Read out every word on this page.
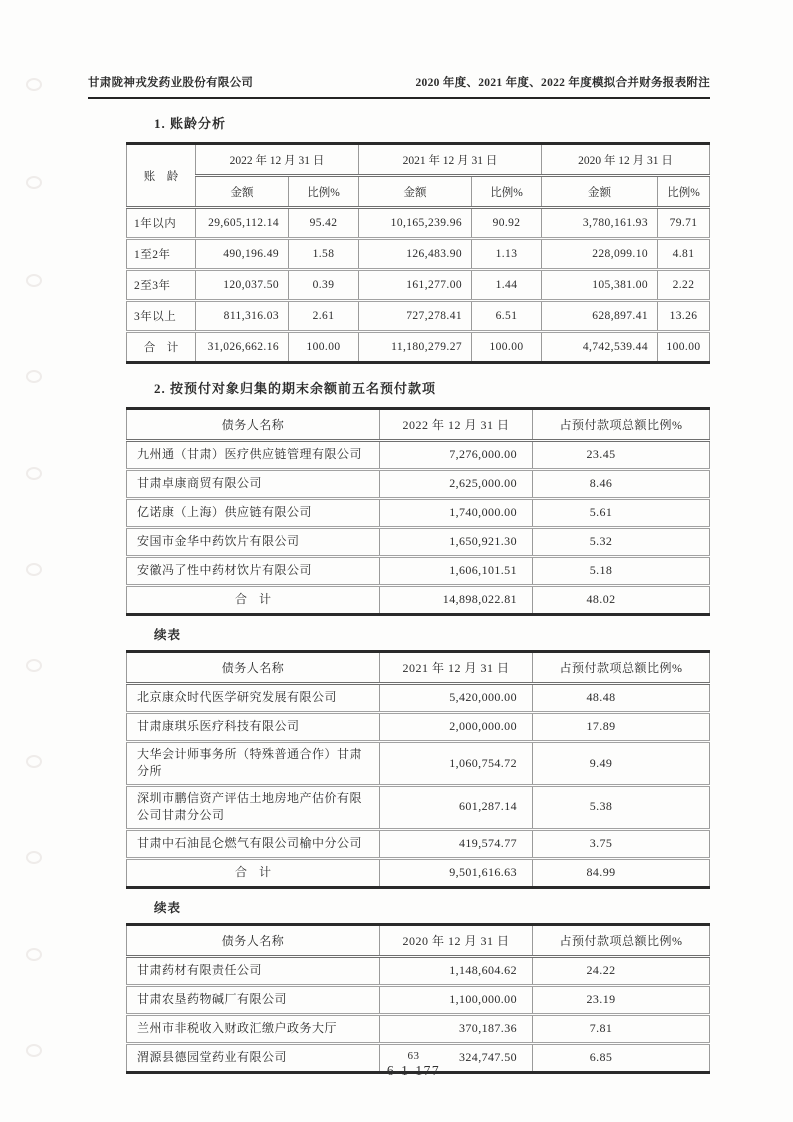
甘肃陇神戎发药业股份有限公司	2020 年度、2021 年度、2022 年度模拟合并财务报表附注
1. 账龄分析
账　龄	2022 年 12 月 31 日		2021 年 12 月 31 日		2020 年 12 月 31 日	
	金额	比例%	金额	比例%	金额	比例%
1年以内	29,605,112.14	95.42	10,165,239.96	90.92	3,780,161.93	79.71
1至2年	490,196.49	1.58	126,483.90	1.13	228,099.10	4.81
2至3年	120,037.50	0.39	161,277.00	1.44	105,381.00	2.22
3年以上	811,316.03	2.61	727,278.41	6.51	628,897.41	13.26
合　计	31,026,662.16	100.00	11,180,279.27	100.00	4,742,539.44	100.00
2. 按预付对象归集的期末余额前五名预付款项
债务人名称	2022 年 12 月 31 日	占预付款项总额比例%
九州通（甘肃）医疗供应链管理有限公司	7,276,000.00	23.45
甘肃卓康商贸有限公司	2,625,000.00	8.46
亿诺康（上海）供应链有限公司	1,740,000.00	5.61
安国市金华中药饮片有限公司	1,650,921.30	5.32
安徽冯了性中药材饮片有限公司	1,606,101.51	5.18
合　计	14,898,022.81	48.02
续表
债务人名称	2021 年 12 月 31 日	占预付款项总额比例%
北京康众时代医学研究发展有限公司	5,420,000.00	48.48
甘肃康琪乐医疗科技有限公司	2,000,000.00	17.89
大华会计师事务所（特殊普通合作）甘肃分所	1,060,754.72	9.49
深圳市鹏信资产评估土地房地产估价有限公司甘肃分公司	601,287.14	5.38
甘肃中石油昆仑燃气有限公司榆中分公司	419,574.77	3.75
合　计	9,501,616.63	84.99
续表
债务人名称	2020 年 12 月 31 日	占预付款项总额比例%
甘肃药材有限责任公司	1,148,604.62	24.22
甘肃农垦药物碱厂有限公司	1,100,000.00	23.19
兰州市非税收入财政汇缴户政务大厅	370,187.36	7.81
渭源县德园堂药业有限公司	324,747.50	6.85
63
6-1-177
